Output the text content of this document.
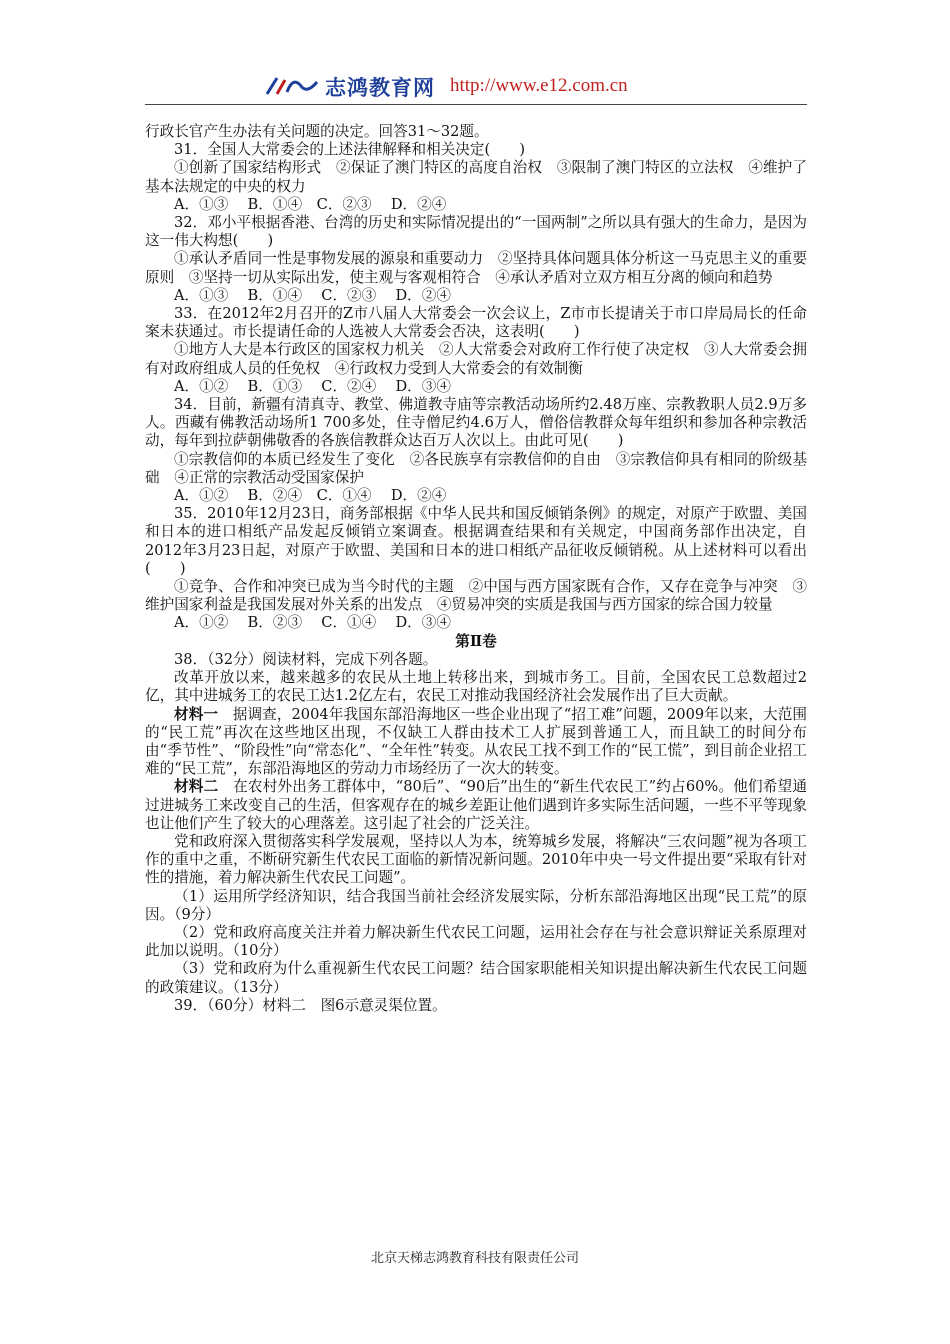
志鸿教育网 http://www.e12.com.cn

行政长官产生办法有关问题的决定。回答31～32题。

31．全国人大常委会的上述法律解释和相关决定(　　)

①创新了国家结构形式　②保证了澳门特区的高度自治权　③限制了澳门特区的立法权　④维护了基本法规定的中央的权力

A．①③　 B．①④　C．②③　 D．②④

32．邓小平根据香港、台湾的历史和实际情况提出的“一国两制”之所以具有强大的生命力，是因为这一伟大构想(　　)

①承认矛盾同一性是事物发展的源泉和重要动力　②坚持具体问题具体分析这一马克思主义的重要原则　③坚持一切从实际出发，使主观与客观相符合　④承认矛盾对立双方相互分离的倾向和趋势

A．①③　 B．①④　 C．②③　 D．②④

33．在2012年2月召开的Z市八届人大常委会一次会议上，Z市市长提请关于市口岸局局长的任命案未获通过。市长提请任命的人选被人大常委会否决，这表明(　　)

①地方人大是本行政区的国家权力机关　②人大常委会对政府工作行使了决定权　③人大常委会拥有对政府组成人员的任免权　④行政权力受到人大常委会的有效制衡

A．①②　 B．①③　 C．②④　 D．③④

34．目前，新疆有清真寺、教堂、佛道教寺庙等宗教活动场所约2.48万座、宗教教职人员2.9万多人。西藏有佛教活动场所1 700多处，住寺僧尼约4.6万人，僧俗信教群众每年组织和参加各种宗教活动，每年到拉萨朝佛敬香的各族信教群众达百万人次以上。由此可见(　　)

①宗教信仰的本质已经发生了变化　②各民族享有宗教信仰的自由　③宗教信仰具有相同的阶级基础　④正常的宗教活动受国家保护

A．①②　 B．②④　C．①④　 D．②④

35．2010年12月23日，商务部根据《中华人民共和国反倾销条例》的规定，对原产于欧盟、美国和日本的进口相纸产品发起反倾销立案调查。根据调查结果和有关规定，中国商务部作出决定，自2012年3月23日起，对原产于欧盟、美国和日本的进口相纸产品征收反倾销税。从上述材料可以看出(　　)

①竞争、合作和冲突已成为当今时代的主题　②中国与西方国家既有合作，又存在竞争与冲突　③维护国家利益是我国发展对外关系的出发点　④贸易冲突的实质是我国与西方国家的综合国力较量

A．①②　 B．②③　 C．①④　 D．③④

第Ⅱ卷

38．（32分）阅读材料，完成下列各题。

改革开放以来，越来越多的农民从土地上转移出来，到城市务工。目前，全国农民工总数超过2亿，其中进城务工的农民工达1.2亿左右，农民工对推动我国经济社会发展作出了巨大贡献。

材料一　据调查，2004年我国东部沿海地区一些企业出现了“招工难”问题，2009年以来，大范围的“民工荒”再次在这些地区出现，不仅缺工人群由技术工人扩展到普通工人，而且缺工的时间分布由“季节性”、“阶段性”向“常态化”、“全年性”转变。从农民工找不到工作的“民工慌”，到目前企业招工难的“民工荒”，东部沿海地区的劳动力市场经历了一次大的转变。

材料二　在农村外出务工群体中，“80后”、“90后”出生的“新生代农民工”约占60%。他们希望通过进城务工来改变自己的生活，但客观存在的城乡差距让他们遇到许多实际生活问题，一些不平等现象也让他们产生了较大的心理落差。这引起了社会的广泛关注。

党和政府深入贯彻落实科学发展观，坚持以人为本，统筹城乡发展，将解决“三农问题”视为各项工作的重中之重，不断研究新生代农民工面临的新情况新问题。2010年中央一号文件提出要“采取有针对性的措施，着力解决新生代农民工问题”。

（1）运用所学经济知识，结合我国当前社会经济发展实际，分析东部沿海地区出现“民工荒”的原因。（9分）

（2）党和政府高度关注并着力解决新生代农民工问题，运用社会存在与社会意识辩证关系原理对此加以说明。（10分）

（3）党和政府为什么重视新生代农民工问题？结合国家职能相关知识提出解决新生代农民工问题的政策建议。（13分）

39．（60分）材料二　图6示意灵渠位置。

北京天梯志鸿教育科技有限责任公司
